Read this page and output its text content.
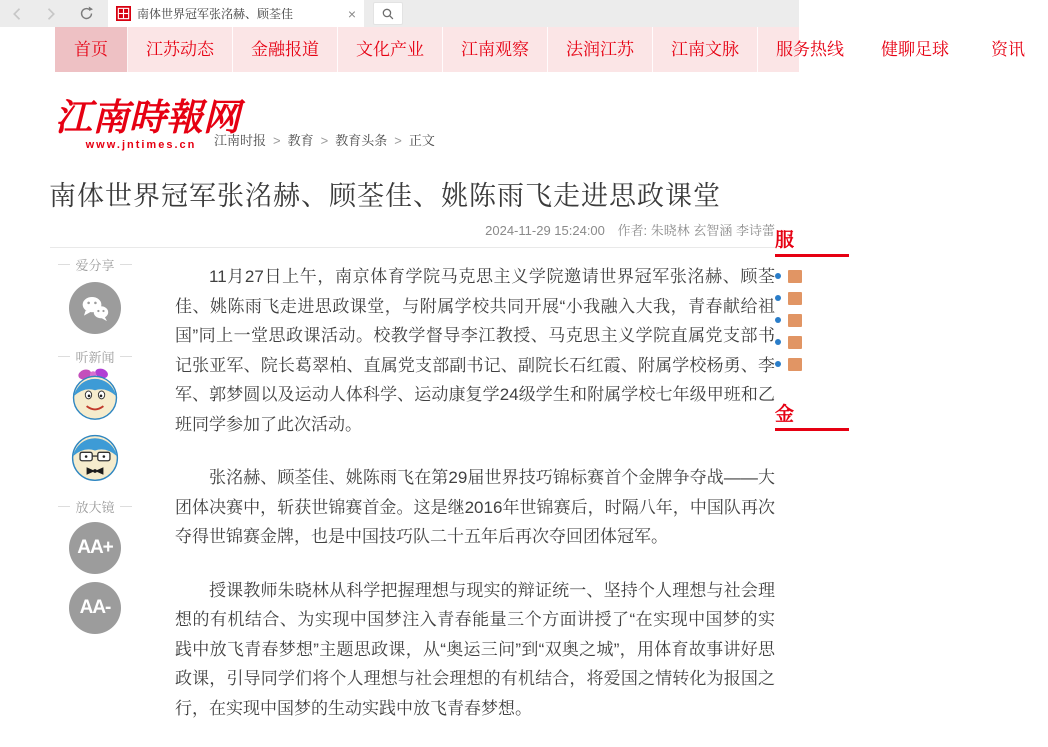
南体世界冠军张洺赫、顾荃佳	×
首页	江苏动态	金融报道	文化产业	江南观察	法润江苏	江南文脉	服务热线	健聊足球	资讯
江南時報网
www.jntimes.cn	江南时报 > 教育 > 教育头条 > 正文
南体世界冠军张洺赫、顾荃佳、姚陈雨飞走进思政课堂
2024-11-29 15:24:00 作者: 朱晓林 玄智涵 李诗蕾
爱分享
听新闻

放大镜
AA+
AA-

11月27日上午，南京体育学院马克思主义学院邀请世界冠军张洺赫、顾荃佳、姚陈雨飞走进思政课堂，与附属学校共同开展“小我融入大我，青春献给祖国”同上一堂思政课活动。校教学督导李江教授、马克思主义学院直属党支部书记张亚军、院长葛翠柏、直属党支部副书记、副院长石红霞、附属学校杨勇、李军、郭梦圆以及运动人体科学、运动康复学24级学生和附属学校七年级甲班和乙班同学参加了此次活动。

张洺赫、顾荃佳、姚陈雨飞在第29届世界技巧锦标赛首个金牌争夺战——大团体决赛中，斩获世锦赛首金。这是继2016年世锦赛后，时隔八年，中国队再次夺得世锦赛金牌，也是中国技巧队二十五年后再次夺回团体冠军。

授课教师朱晓林从科学把握理想与现实的辩证统一、坚持个人理想与社会理想的有机结合、为实现中国梦注入青春能量三个方面讲授了“在实现中国梦的实践中放飞青春梦想”主题思政课，从“奥运三问”到“双奥之城”，用体育故事讲好思政课，引导同学们将个人理想与社会理想的有机结合，将爱国之情转化为报国之行，在实现中国梦的生动实践中放飞青春梦想。

服
金
